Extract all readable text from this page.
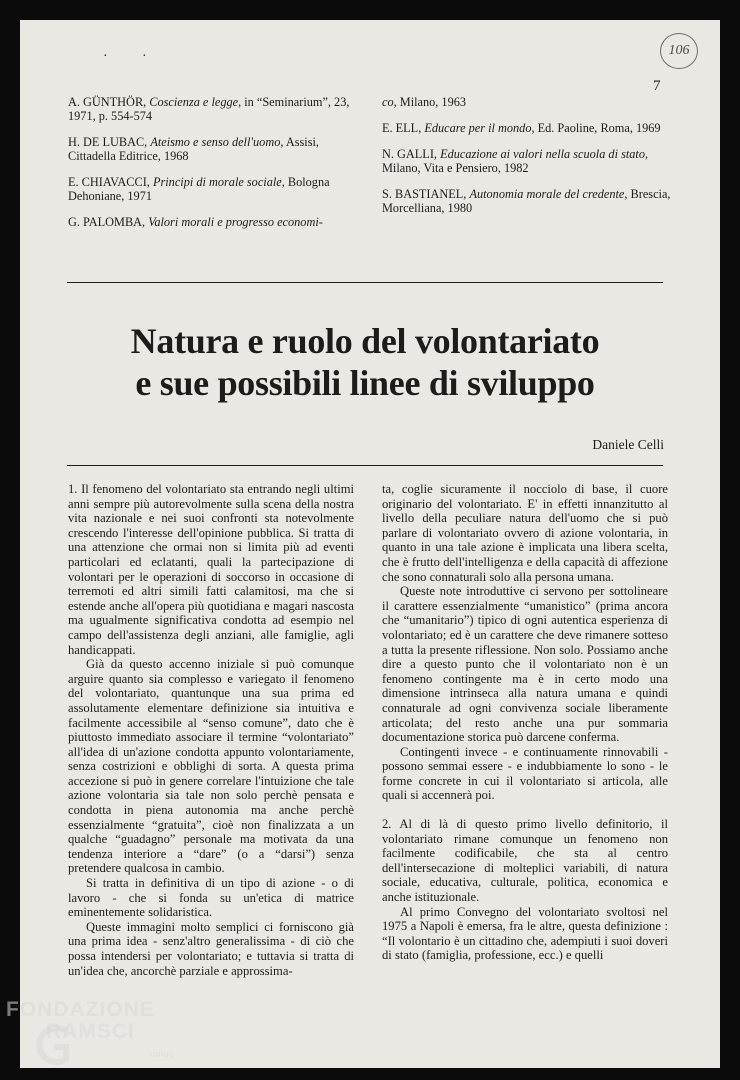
· ·	106
7
A. GÜNTHÖR, Coscienza e legge, in “Seminarium”, 23, 1971, p. 554-574
H. DE LUBAC, Ateismo e senso dell'uomo, Assisi, Cittadella Editrice, 1968
E. CHIAVACCI, Principi di morale sociale, Bologna Dehoniane, 1971
G. PALOMBA, Valori morali e progresso economi-
co, Milano, 1963
E. ELL, Educare per il mondo, Ed. Paoline, Roma, 1969
N. GALLI, Educazione ai valori nella scuola di stato, Milano, Vita e Pensiero, 1982
S. BASTIANEL, Autonomia morale del credente, Brescia, Morcelliana, 1980
Natura e ruolo del volontariato
e sue possibili linee di sviluppo
Daniele Celli

1. Il fenomeno del volontariato sta entrando negli ultimi anni sempre più autorevolmente sulla scena della nostra vita nazionale e nei suoi confronti sta notevolmente crescendo l'interesse dell'opinione pubblica. Si tratta di una attenzione che ormai non si limita più ad eventi particolari ed eclatanti, quali la partecipazione di volontari per le operazioni di soccorso in occasione di terremoti ed altri simili fatti calamitosi, ma che si estende anche all'opera più quotidiana e magari nascosta ma ugualmente significativa condotta ad esempio nel campo dell'assistenza degli anziani, alle famiglie, agli handicappati.

Già da questo accenno iniziale si può comunque arguire quanto sia complesso e variegato il fenomeno del volontariato, quantunque una sua prima ed assolutamente elementare definizione sia intuitiva e facilmente accessibile al “senso comune”, dato che è piuttosto immediato associare il termine “volontariato” all'idea di un'azione condotta appunto volontariamente, senza costrizioni e obblighi di sorta. A questa prima accezione si può in genere correlare l'intuizione che tale azione volontaria sia tale non solo perchè pensata e condotta in piena autonomia ma anche perchè essenzialmente “gratuita”, cioè non finalizzata a un qualche “guadagno” personale ma motivata da una tendenza interiore a “dare” (o a “darsi”) senza pretendere qualcosa in cambio.

Si tratta in definitiva di un tipo di azione - o di lavoro - che si fonda su un'etica di matrice eminentemente solidaristica.

Queste immagini molto semplici ci forniscono già una prima idea - senz'altro generalissima - di ciò che possa intendersi per volontariato; e tuttavia si tratta di un'idea che, ancorchè parziale e approssima-

ta, coglie sicuramente il nocciolo di base, il cuore originario del volontariato. E' in effetti innanzitutto al livello della peculiare natura dell'uomo che si può parlare di volontariato ovvero di azione volontaria, in quanto in una tale azione è implicata una libera scelta, che è frutto dell'intelligenza e della capacità di affezione che sono connaturali solo alla persona umana.

Queste note introduttive ci servono per sottolineare il carattere essenzialmente “umanistico” (prima ancora che “umanitario”) tipico di ogni autentica esperienza di volontariato; ed è un carattere che deve rimanere sotteso a tutta la presente riflessione. Non solo. Possiamo anche dire a questo punto che il volontariato non è un fenomeno contingente ma è in certo modo una dimensione intrinseca alla natura umana e quindi connaturale ad ogni convivenza sociale liberamente articolata; del resto anche una pur sommaria documentazione storica può darcene conferma.

Contingenti invece - e continuamente rinnovabili - possono semmai essere - e indubbiamente lo sono - le forme concrete in cui il volontariato si articola, alle quali si accennerà poi.

2. Al di là di questo primo livello definitorio, il volontariato rimane comunque un fenomeno non facilmente codificabile, che sta al centro dell'intersecazione di molteplici variabili, di natura sociale, educativa, culturale, politica, economica e anche istituzionale.

Al primo Convegno del volontariato svoltosi nel 1975 a Napoli è emersa, fra le altre, questa definizione : “Il volontario è un cittadino che, adempiuti i suoi doveri di stato (famiglia, professione, ecc.) e quelli

FONDAZIONE
RAMSCI
onlus
